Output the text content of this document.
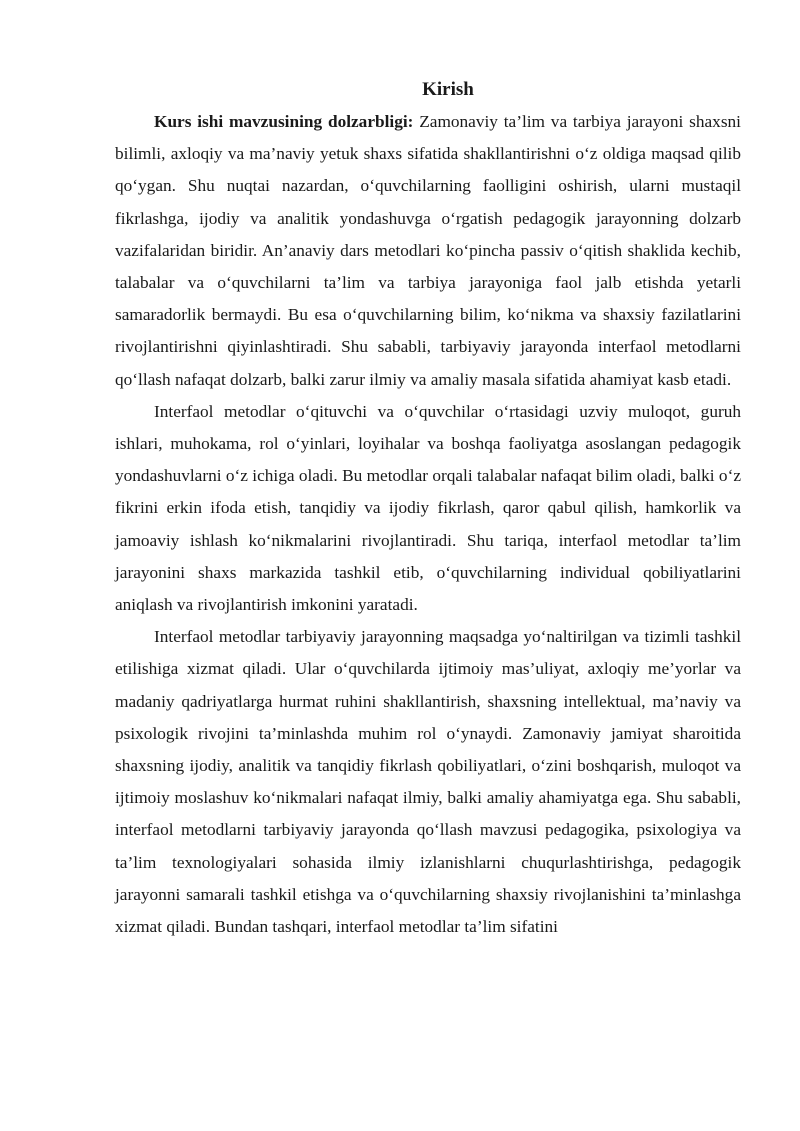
Kirish

Kurs ishi mavzusining dolzarbligi: Zamonaviy ta’lim va tarbiya jarayoni shaxsni bilimli, axloqiy va ma’naviy yetuk shaxs sifatida shakllantirishni o‘z oldiga maqsad qilib qo‘ygan. Shu nuqtai nazardan, o‘quvchilarning faolligini oshirish, ularni mustaqil fikrlashga, ijodiy va analitik yondashuvga o‘rgatish pedagogik jarayonning dolzarb vazifalaridan biridir. An’anaviy dars metodlari ko‘pincha passiv o‘qitish shaklida kechib, talabalar va o‘quvchilarni ta’lim va tarbiya jarayoniga faol jalb etishda yetarli samaradorlik bermaydi. Bu esa o‘quvchilarning bilim, ko‘nikma va shaxsiy fazilatlarini rivojlantirishni qiyinlashtiradi. Shu sababli, tarbiyaviy jarayonda interfaol metodlarni qo‘llash nafaqat dolzarb, balki zarur ilmiy va amaliy masala sifatida ahamiyat kasb etadi.

Interfaol metodlar o‘qituvchi va o‘quvchilar o‘rtasidagi uzviy muloqot, guruh ishlari, muhokama, rol o‘yinlari, loyihalar va boshqa faoliyatga asoslangan pedagogik yondashuvlarni o‘z ichiga oladi. Bu metodlar orqali talabalar nafaqat bilim oladi, balki o‘z fikrini erkin ifoda etish, tanqidiy va ijodiy fikrlash, qaror qabul qilish, hamkorlik va jamoaviy ishlash ko‘nikmalarini rivojlantiradi. Shu tariqa, interfaol metodlar ta’lim jarayonini shaxs markazida tashkil etib, o‘quvchilarning individual qobiliyatlarini aniqlash va rivojlantirish imkonini yaratadi.

Interfaol metodlar tarbiyaviy jarayonning maqsadga yo‘naltirilgan va tizimli tashkil etilishiga xizmat qiladi. Ular o‘quvchilarda ijtimoiy mas’uliyat, axloqiy me’yorlar va madaniy qadriyatlarga hurmat ruhini shakllantirish, shaxsning intellektual, ma’naviy va psixologik rivojini ta’minlashda muhim rol o‘ynaydi. Zamonaviy jamiyat sharoitida shaxsning ijodiy, analitik va tanqidiy fikrlash qobiliyatlari, o‘zini boshqarish, muloqot va ijtimoiy moslashuv ko‘nikmalari nafaqat ilmiy, balki amaliy ahamiyatga ega. Shu sababli, interfaol metodlarni tarbiyaviy jarayonda qo‘llash mavzusi pedagogika, psixologiya va ta’lim texnologiyalari sohasida ilmiy izlanishlarni chuqurlashtirishga, pedagogik jarayonni samarali tashkil etishga va o‘quvchilarning shaxsiy rivojlanishini ta’minlashga xizmat qiladi. Bundan tashqari, interfaol metodlar ta’lim sifatini
